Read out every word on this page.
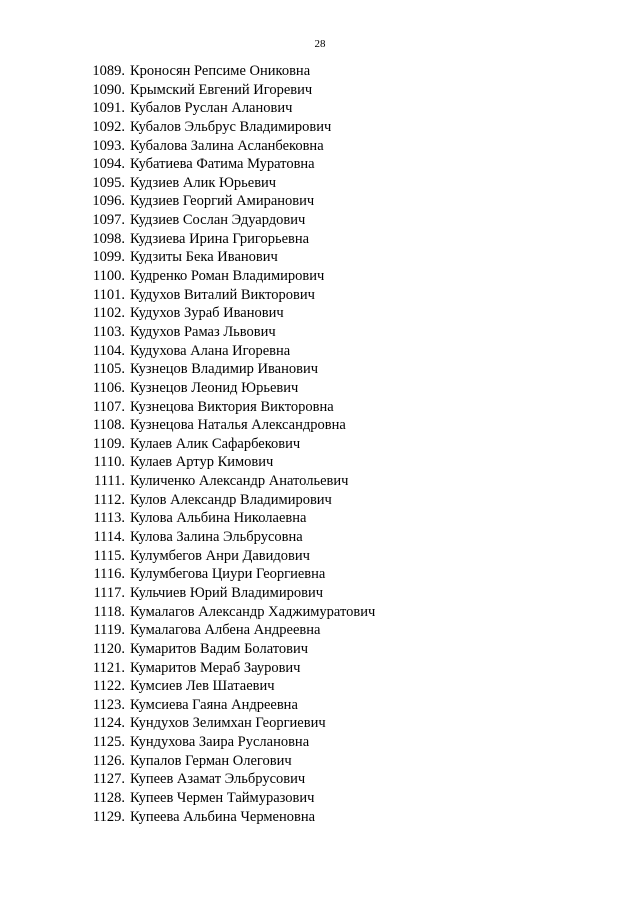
28
1089. Кроносян Репсиме Ониковна
1090. Крымский Евгений Игоревич
1091. Кубалов Руслан Аланович
1092. Кубалов Эльбрус Владимирович
1093. Кубалова Залина Асланбековна
1094. Кубатиева Фатима Муратовна
1095. Кудзиев Алик Юрьевич
1096. Кудзиев Георгий Амиранович
1097. Кудзиев Сослан Эдуардович
1098. Кудзиева Ирина Григорьевна
1099. Кудзиты Бека Иванович
1100. Кудренко Роман Владимирович
1101. Кудухов Виталий Викторович
1102. Кудухов Зураб Иванович
1103. Кудухов Рамаз Львович
1104. Кудухова Алана Игоревна
1105. Кузнецов Владимир Иванович
1106. Кузнецов Леонид Юрьевич
1107. Кузнецова Виктория Викторовна
1108. Кузнецова Наталья Александровна
1109. Кулаев Алик Сафарбекович
1110. Кулаев Артур Кимович
1111. Куличенко Александр Анатольевич
1112. Кулов Александр Владимирович
1113. Кулова Альбина Николаевна
1114. Кулова Залина Эльбрусовна
1115. Кулумбегов Анри Давидович
1116. Кулумбегова Циури Георгиевна
1117. Кульчиев Юрий Владимирович
1118. Кумалагов Александр Хаджимуратович
1119. Кумалагова Албена Андреевна
1120. Кумаритов Вадим Болатович
1121. Кумаритов Мераб Заурович
1122. Кумсиев Лев Шатаевич
1123. Кумсиева Гаяна Андреевна
1124. Кундухов Зелимхан Георгиевич
1125. Кундухова Заира Руслановна
1126. Купалов Герман Олегович
1127. Купеев Азамат Эльбрусович
1128. Купеев Чермен Таймуразович
1129. Купеева Альбина Черменовна
